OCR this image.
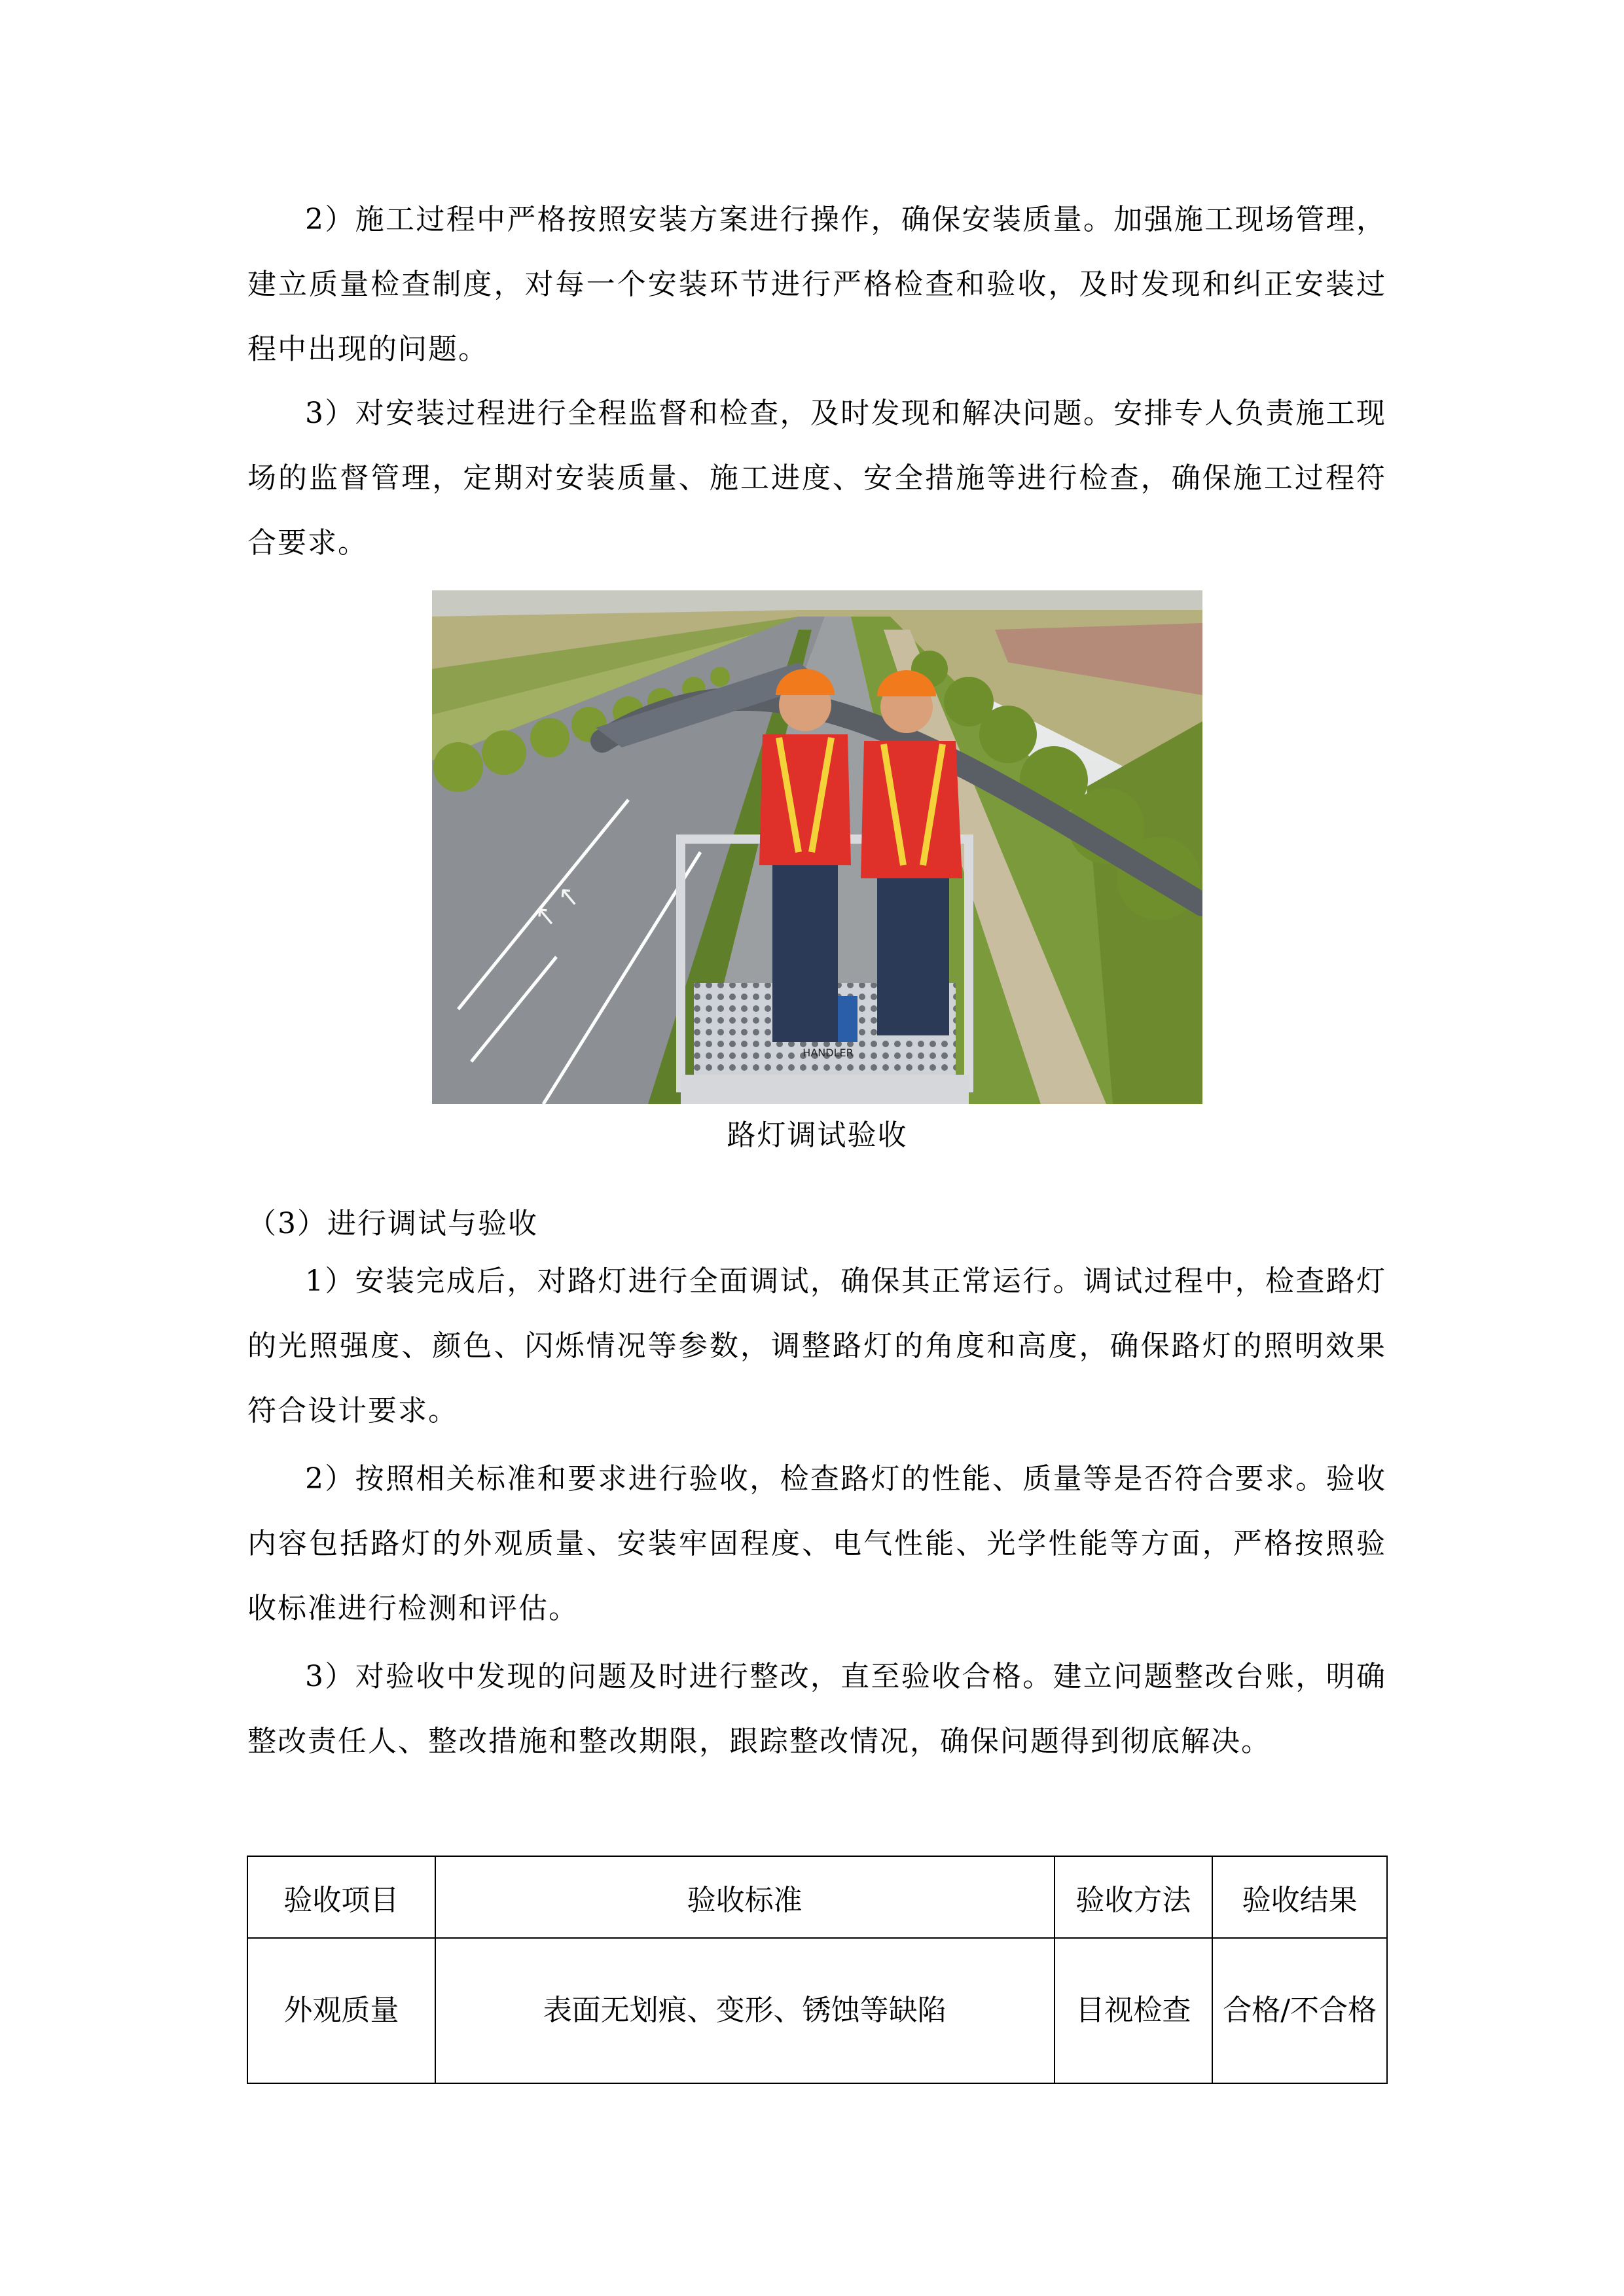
2）施工过程中严格按照安装方案进行操作，确保安装质量。加强施工现场管理，建立质量检查制度，对每一个安装环节进行严格检查和验收，及时发现和纠正安装过程中出现的问题。
3）对安装过程进行全程监督和检查，及时发现和解决问题。安排专人负责施工现场的监督管理，定期对安装质量、施工进度、安全措施等进行检查，确保施工过程符合要求。
↑ ↑
HANDLER
路灯调试验收
（3）进行调试与验收
1）安装完成后，对路灯进行全面调试，确保其正常运行。调试过程中，检查路灯的光照强度、颜色、闪烁情况等参数，调整路灯的角度和高度，确保路灯的照明效果符合设计要求。
2）按照相关标准和要求进行验收，检查路灯的性能、质量等是否符合要求。验收内容包括路灯的外观质量、安装牢固程度、电气性能、光学性能等方面，严格按照验收标准进行检测和评估。
3）对验收中发现的问题及时进行整改，直至验收合格。建立问题整改台账，明确整改责任人、整改措施和整改期限，跟踪整改情况，确保问题得到彻底解决。
验收项目	验收标准	验收方法	验收结果
外观质量	表面无划痕、变形、锈蚀等缺陷	目视检查	合格/不合格
